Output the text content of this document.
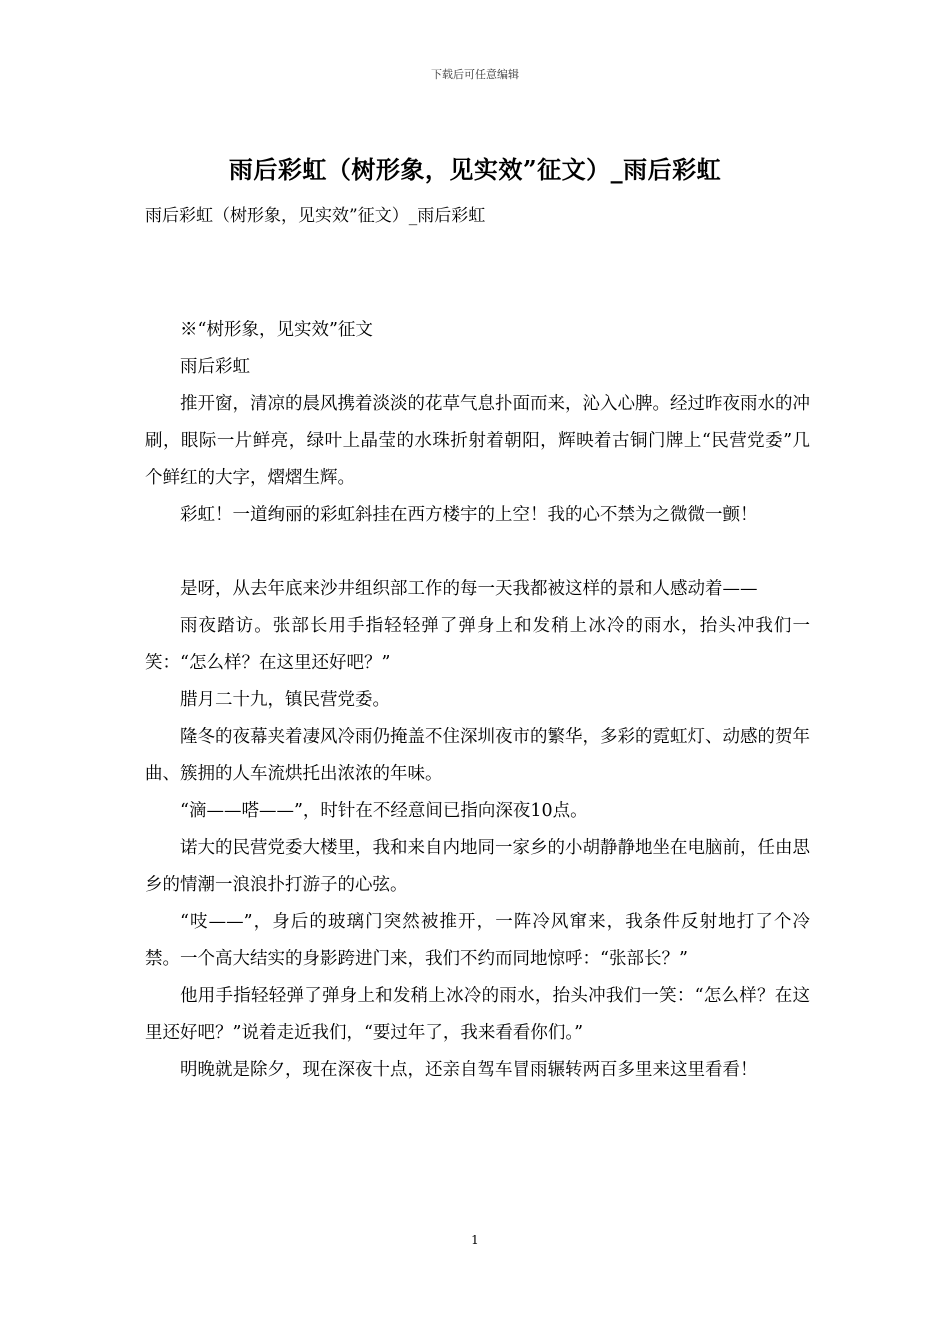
下载后可任意编辑
雨后彩虹（树形象，见实效”征文）_雨后彩虹
雨后彩虹（树形象，见实效”征文）_雨后彩虹

※“树形象，见实效”征文

雨后彩虹

推开窗，清凉的晨风携着淡淡的花草气息扑面而来，沁入心脾。经过昨夜雨水的冲刷，眼际一片鲜亮，绿叶上晶莹的水珠折射着朝阳，辉映着古铜门牌上“民营党委”几个鲜红的大字，熠熠生辉。

彩虹！一道绚丽的彩虹斜挂在西方楼宇的上空！我的心不禁为之微微一颤！

是呀，从去年底来沙井组织部工作的每一天我都被这样的景和人感动着——

雨夜踏访。张部长用手指轻轻弹了弹身上和发稍上冰冷的雨水，抬头冲我们一笑：“怎么样？在这里还好吧？”

腊月二十九，镇民营党委。

隆冬的夜幕夹着凄风冷雨仍掩盖不住深圳夜市的繁华，多彩的霓虹灯、动感的贺年曲、簇拥的人车流烘托出浓浓的年味。

“滴——嗒——”，时针在不经意间已指向深夜10点。

诺大的民营党委大楼里，我和来自内地同一家乡的小胡静静地坐在电脑前，任由思乡的情潮一浪浪扑打游子的心弦。

“吱——”，身后的玻璃门突然被推开，一阵冷风窜来，我条件反射地打了个冷禁。一个高大结实的身影跨进门来，我们不约而同地惊呼：“张部长？”

他用手指轻轻弹了弹身上和发稍上冰冷的雨水，抬头冲我们一笑：“怎么样？在这里还好吧？”说着走近我们，“要过年了，我来看看你们。”

明晚就是除夕，现在深夜十点，还亲自驾车冒雨辗转两百多里来这里看看！

1
